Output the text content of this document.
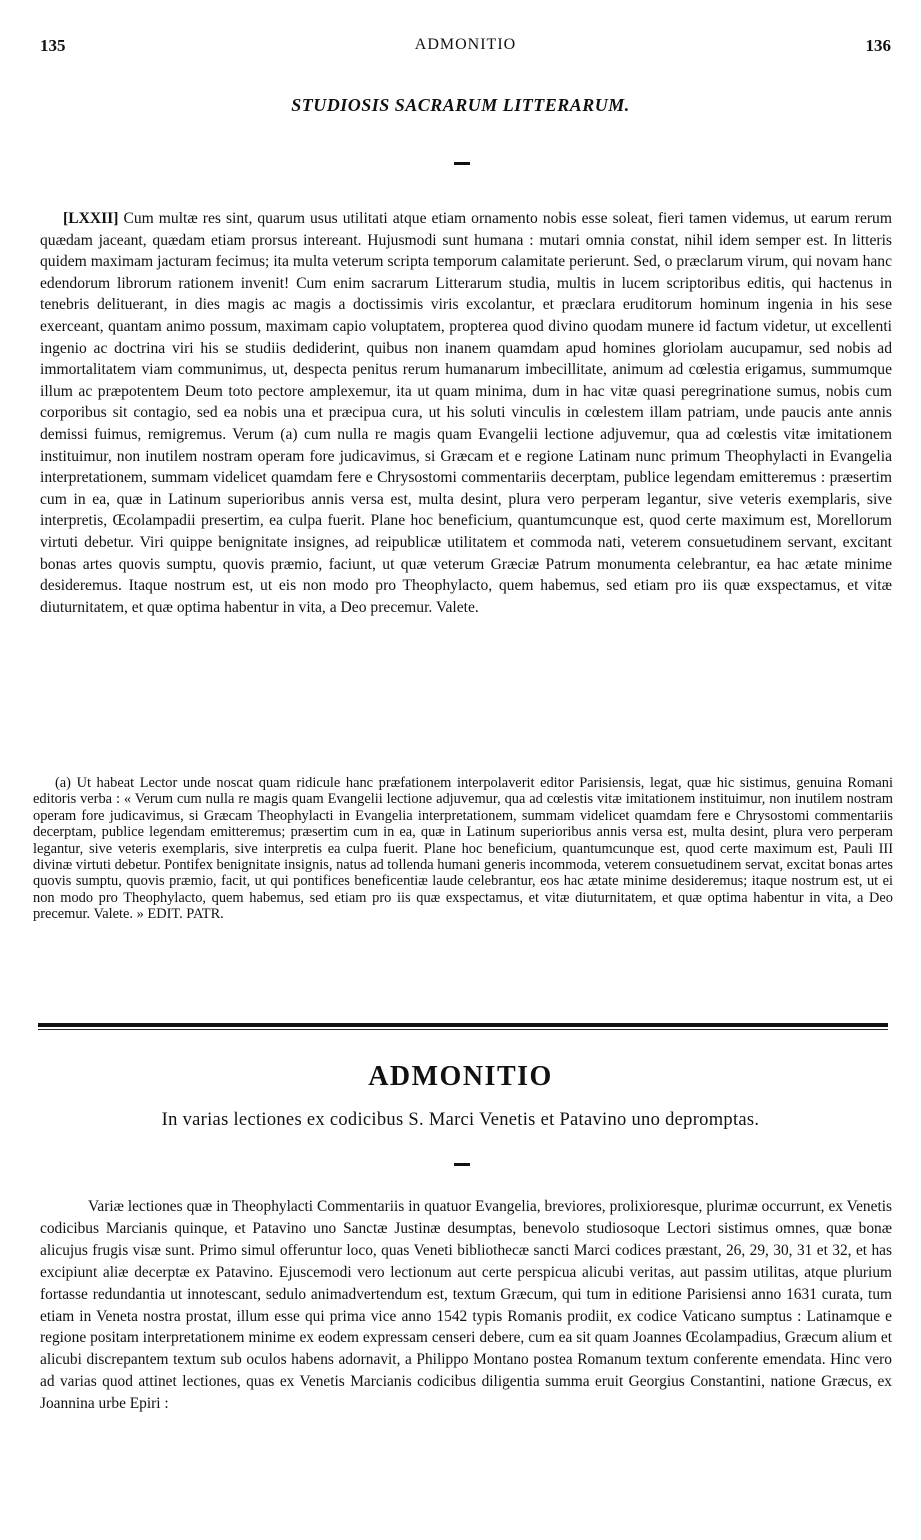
135	ADMONITIO	136
STUDIOSIS SACRARUM LITTERARUM.

[LXXII] Cum multæ res sint, quarum usus utilitati atque etiam ornamento nobis esse soleat, fieri tamen videmus, ut earum rerum quædam jaceant, quædam etiam prorsus intereant. Hujusmodi sunt humana : mutari omnia constat, nihil idem semper est. In litteris quidem maximam jacturam fecimus; ita multa veterum scripta temporum calamitate perierunt. Sed, o præclarum virum, qui novam hanc edendorum librorum rationem invenit! Cum enim sacrarum Litterarum studia, multis in lucem scriptoribus editis, qui hactenus in tenebris delituerant, in dies magis ac magis a doctissimis viris excolantur, et præclara eruditorum hominum ingenia in his sese exerceant, quantam animo possum, maximam capio voluptatem, propterea quod divino quodam munere id factum videtur, ut excellenti ingenio ac doctrina viri his se studiis dediderint, quibus non inanem quamdam apud homines gloriolam aucupamur, sed nobis ad immortalitatem viam communimus, ut, despecta penitus rerum humanarum imbecillitate, animum ad cœlestia erigamus, summumque illum ac præpotentem Deum toto pectore amplexemur, ita ut quam minima, dum in hac vitæ quasi peregrinatione sumus, nobis cum corporibus sit contagio, sed ea nobis una et præcipua cura, ut his soluti vinculis in cœlestem illam patriam, unde paucis ante annis demissi fuimus, remigremus. Verum (a) cum nulla re magis quam Evangelii lectione adjuvemur, qua ad cœlestis vitæ imitationem instituimur, non inutilem nostram operam fore judicavimus, si Græcam et e regione Latinam nunc primum Theophylacti in Evangelia interpretationem, summam videlicet quamdam fere e Chrysostomi commentariis decerptam, publice legendam emitteremus : præsertim cum in ea, quæ in Latinum superioribus annis versa est, multa desint, plura vero perperam legantur, sive veteris exemplaris, sive interpretis, Œcolampadii presertim, ea culpa fuerit. Plane hoc beneficium, quantumcunque est, quod certe maximum est, Morellorum virtuti debetur. Viri quippe benignitate insignes, ad reipublicæ utilitatem et commoda nati, veterem consuetudinem servant, excitant bonas artes quovis sumptu, quovis præmio, faciunt, ut quæ veterum Græciæ Patrum monumenta celebrantur, ea hac ætate minime desideremus. Itaque nostrum est, ut eis non modo pro Theophylacto, quem habemus, sed etiam pro iis quæ exspectamus, et vitæ diuturnitatem, et quæ optima habentur in vita, a Deo precemur. Valete.

(a) Ut habeat Lector unde noscat quam ridicule hanc præfationem interpolaverit editor Parisiensis, legat, quæ hic sistimus, genuina Romani editoris verba : « Verum cum nulla re magis quam Evangelii lectione adjuvemur, qua ad cœlestis vitæ imitationem instituimur, non inutilem nostram operam fore judicavimus, si Græcam Theophylacti in Evangelia interpretationem, summam videlicet quamdam fere e Chrysostomi commentariis decerptam, publice legendam emitteremus; præsertim cum in ea, quæ in Latinum superioribus annis versa est, multa desint, plura vero perperam legantur, sive veteris exemplaris, sive interpretis ea culpa fuerit. Plane hoc beneficium, quantumcunque est, quod certe maximum est, Pauli III divinæ virtuti debetur. Pontifex benignitate insignis, natus ad tollenda humani generis incommoda, veterem consuetudinem servat, excitat bonas artes quovis sumptu, quovis præmio, facit, ut qui pontifices beneficentiæ laude celebrantur, eos hac ætate minime desideremus; itaque nostrum est, ut ei non modo pro Theophylacto, quem habemus, sed etiam pro iis quæ exspectamus, et vitæ diuturnitatem, et quæ optima habentur in vita, a Deo precemur. Valete. » EDIT. PATR.

ADMONITIO
In varias lectiones ex codicibus S. Marci Venetis et Patavino uno depromptas.

Variæ lectiones quæ in Theophylacti Commentariis in quatuor Evangelia, breviores, prolixioresque, plurimæ occurrunt, ex Venetis codicibus Marcianis quinque, et Patavino uno Sanctæ Justinæ desumptas, benevolo studiosoque Lectori sistimus omnes, quæ bonæ alicujus frugis visæ sunt. Primo simul offeruntur loco, quas Veneti bibliothecæ sancti Marci codices præstant, 26, 29, 30, 31 et 32, et has excipiunt aliæ decerptæ ex Patavino. Ejuscemodi vero lectionum aut certe perspicua alicubi veritas, aut passim utilitas, atque plurium fortasse redundantia ut innotescant, sedulo animadvertendum est, textum Græcum, qui tum in editione Parisiensi anno 1631 curata, tum etiam in Veneta nostra prostat, illum esse qui prima vice anno 1542 typis Romanis prodiit, ex codice Vaticano sumptus : Latinamque e regione positam interpretationem minime ex eodem expressam censeri debere, cum ea sit quam Joannes Œcolampadius, Græcum alium et alicubi discrepantem textum sub oculos habens adornavit, a Philippo Montano postea Romanum textum conferente emendata. Hinc vero ad varias quod attinet lectiones, quas ex Venetis Marcianis codicibus diligentia summa eruit Georgius Constantini, natione Græcus, ex Joannina urbe Epiri :
